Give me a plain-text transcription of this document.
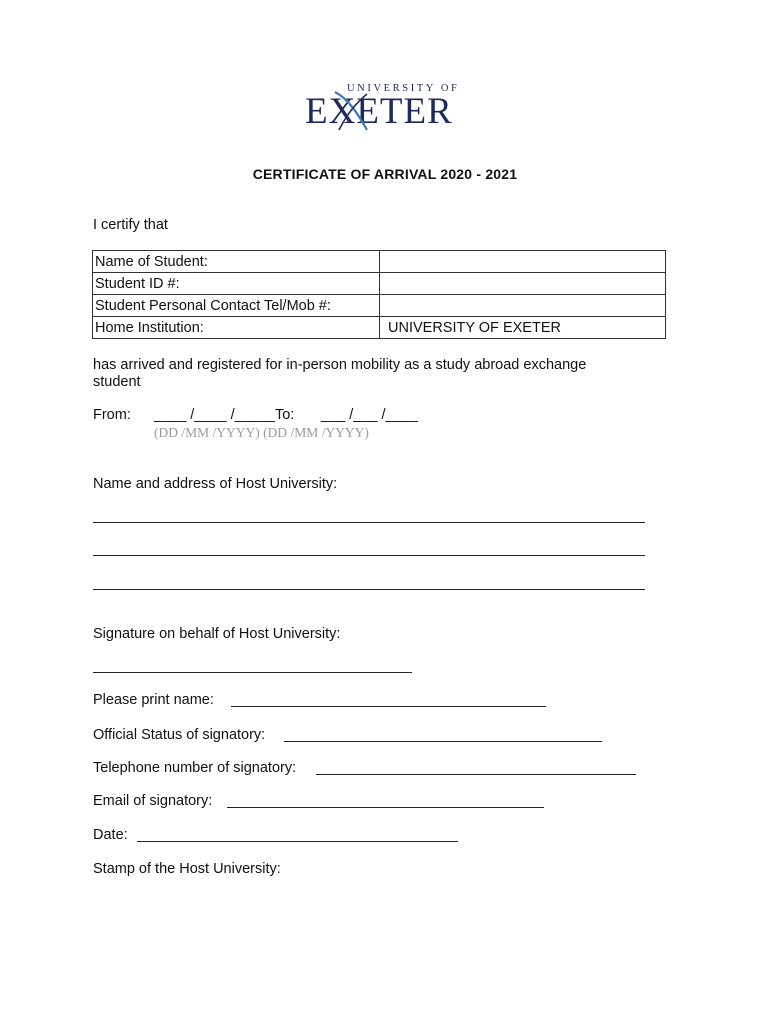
UNIVERSITY OF
EXETER
CERTIFICATE OF ARRIVAL 2020 - 2021
I certify that
Name of Student:	
Student ID #:	
Student Personal Contact Tel/Mob #:	
Home Institution:	UNIVERSITY OF EXETER
has arrived and registered for in-person mobility as a study abroad exchange
student
From: ____ /____ /_____To: ___ /___ /____
(DD /MM /YYYY) (DD /MM /YYYY)
Name and address of Host University:
Signature on behalf of Host University:
Please print name:
Official Status of signatory:
Telephone number of signatory:
Email of signatory:
Date:
Stamp of the Host University:
